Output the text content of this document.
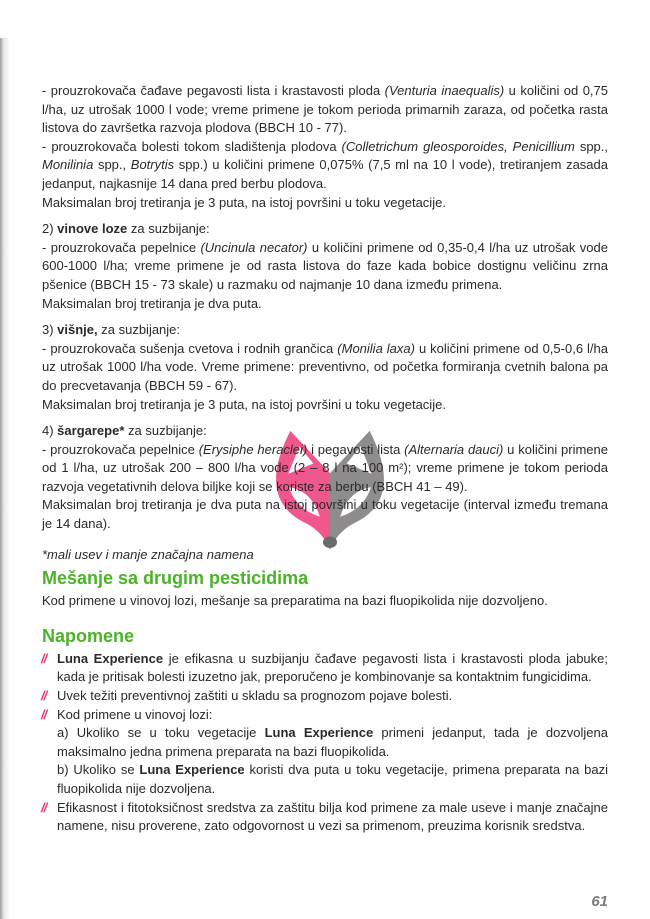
- prouzrokovača čađave pegavosti lista i krastavosti ploda (Venturia inaequalis) u količini od 0,75 l/ha, uz utrošak 1000 l vode; vreme primene je tokom perioda primarnih zaraza, od početka rasta listova do završetka razvoja plodova (BBCH 10 - 77).
- prouzrokovača bolesti tokom sladištenja plodova (Colletrichum gleosporoides, Penicillium spp., Monilinia spp., Botrytis spp.) u količini primene 0,075% (7,5 ml na 10 l vode), tretiranjem zasada jedanput, najkasnije 14 dana pred berbu plodova.
Maksimalan broj tretiranja je 3 puta, na istoj površini u toku vegetacije.
2) vinove loze za suzbijanje:
- prouzrokovača pepelnice (Uncinula necator) u količini primene od 0,35-0,4 l/ha uz utrošak vode 600-1000 l/ha; vreme primene je od rasta listova do faze kada bobice dostignu veličinu zrna pšenice (BBCH 15 - 73 skale) u razmaku od najmanje 10 dana između primena.
Maksimalan broj tretiranja je dva puta.
3) višnje, za suzbijanje:
- prouzrokovača sušenja cvetova i rodnih grančica (Monilia laxa) u količini primene od 0,5-0,6 l/ha uz utrošak 1000 l/ha vode. Vreme primene: preventivno, od početka formiranja cvetnih balona pa do precvetavanja (BBCH 59 - 67).
Maksimalan broj tretiranja je 3 puta, na istoj površini u toku vegetacije.
4) šargarepe* za suzbijanje:
- prouzrokovača pepelnice (Erysiphe heraclei) i pegavosti lista (Alternaria dauci) u količini primene od 1 l/ha, uz utrošak 200 – 800 l/ha vode (2 – 8 l na 100 m²); vreme primene je tokom perioda razvoja vegetativnih delova biljke koji se koriste za berbu (BBCH 41 – 49).
Maksimalan broj tretiranja je dva puta na istoj površini u toku vegetacije (interval između tremana je 14 dana).
*mali usev i manje značajna namena
Mešanje sa drugim pesticidima
Kod primene u vinovoj lozi, mešanje sa preparatima na bazi fluopikolida nije dozvoljeno.
Napomene
// Luna Experience je efikasna u suzbijanju čađave pegavosti lista i krastavosti ploda jabuke; kada je pritisak bolesti izuzetno jak, preporučeno je kombinovanje sa kontaktnim fungicidima.
// Uvek težiti preventivnoj zaštiti u skladu sa prognozom pojave bolesti.
// Kod primene u vinovoj lozi:
a) Ukoliko se u toku vegetacije Luna Experience primeni jedanput, tada je dozvoljena maksimalno jedna primena preparata na bazi fluopikolida.
b) Ukoliko se Luna Experience koristi dva puta u toku vegetacije, primena preparata na bazi fluopikolida nije dozvoljena.
// Efikasnost i fitotoksičnost sredstva za zaštitu bilja kod primene za male useve i manje značajne namene, nisu proverene, zato odgovornost u vezi sa primenom, preuzima korisnik sredstva.
61
